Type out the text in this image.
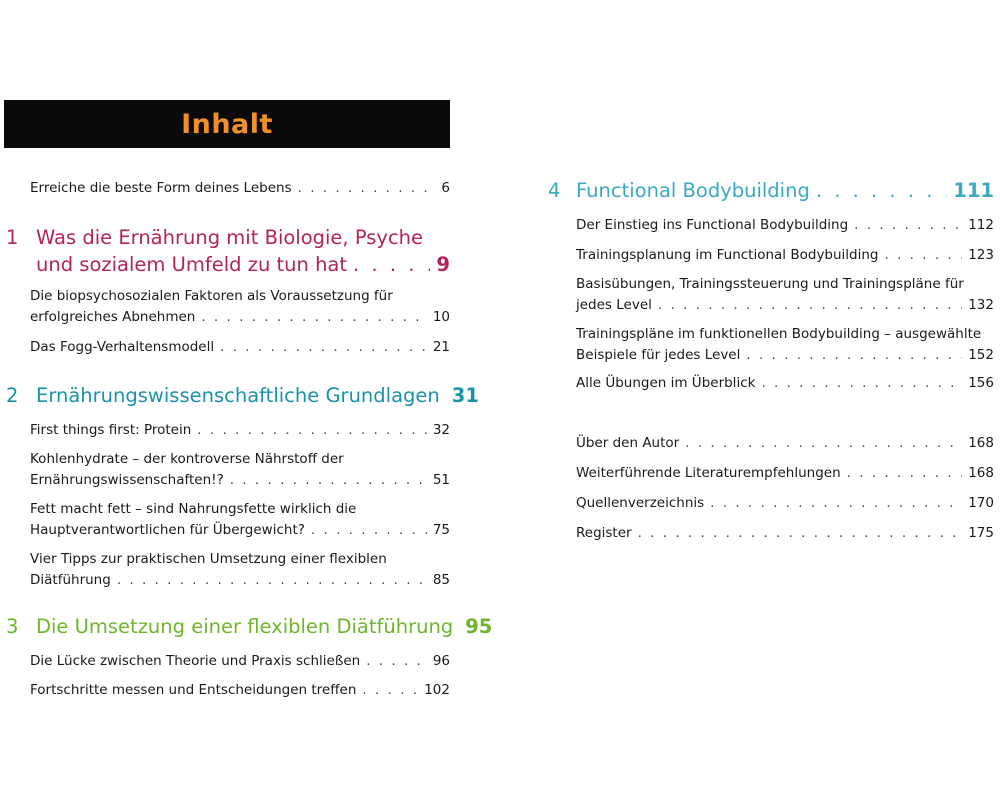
Inhalt
Erreiche die beste Form deines Lebens . . .	6
1 Was die Ernährung mit Biologie, Psyche
und sozialem Umfeld zu tun hat . . .	9
Die biopsychosozialen Faktoren als Voraussetzung für
erfolgreiches Abnehmen . . .	10
Das Fogg-Verhaltensmodell . . .	21
2 Ernährungswissenschaftliche Grundlagen 31
First things first: Protein . . .	32
Kohlenhydrate – der kontroverse Nährstoff der
Ernährungswissenschaften!? . . .	51
Fett macht fett – sind Nahrungsfette wirklich die
Hauptverantwortlichen für Übergewicht? . . .	75
Vier Tipps zur praktischen Umsetzung einer flexiblen
Diätführung . . .	85
3 Die Umsetzung einer flexiblen Diätführung 95
Die Lücke zwischen Theorie und Praxis schließen . . .	96
Fortschritte messen und Entscheidungen treffen . . .	102
4 Functional Bodybuilding . . .	111
Der Einstieg ins Functional Bodybuilding . . .	112
Trainingsplanung im Functional Bodybuilding . . .	123
Basisübungen, Trainingssteuerung und Trainingspläne für
jedes Level . . .	132
Trainingspläne im funktionellen Bodybuilding – ausgewählte
Beispiele für jedes Level . . .	152
Alle Übungen im Überblick . . .	156
Über den Autor . . .	168
Weiterführende Literaturempfehlungen . . .	168
Quellenverzeichnis . . .	170
Register . . .	175
